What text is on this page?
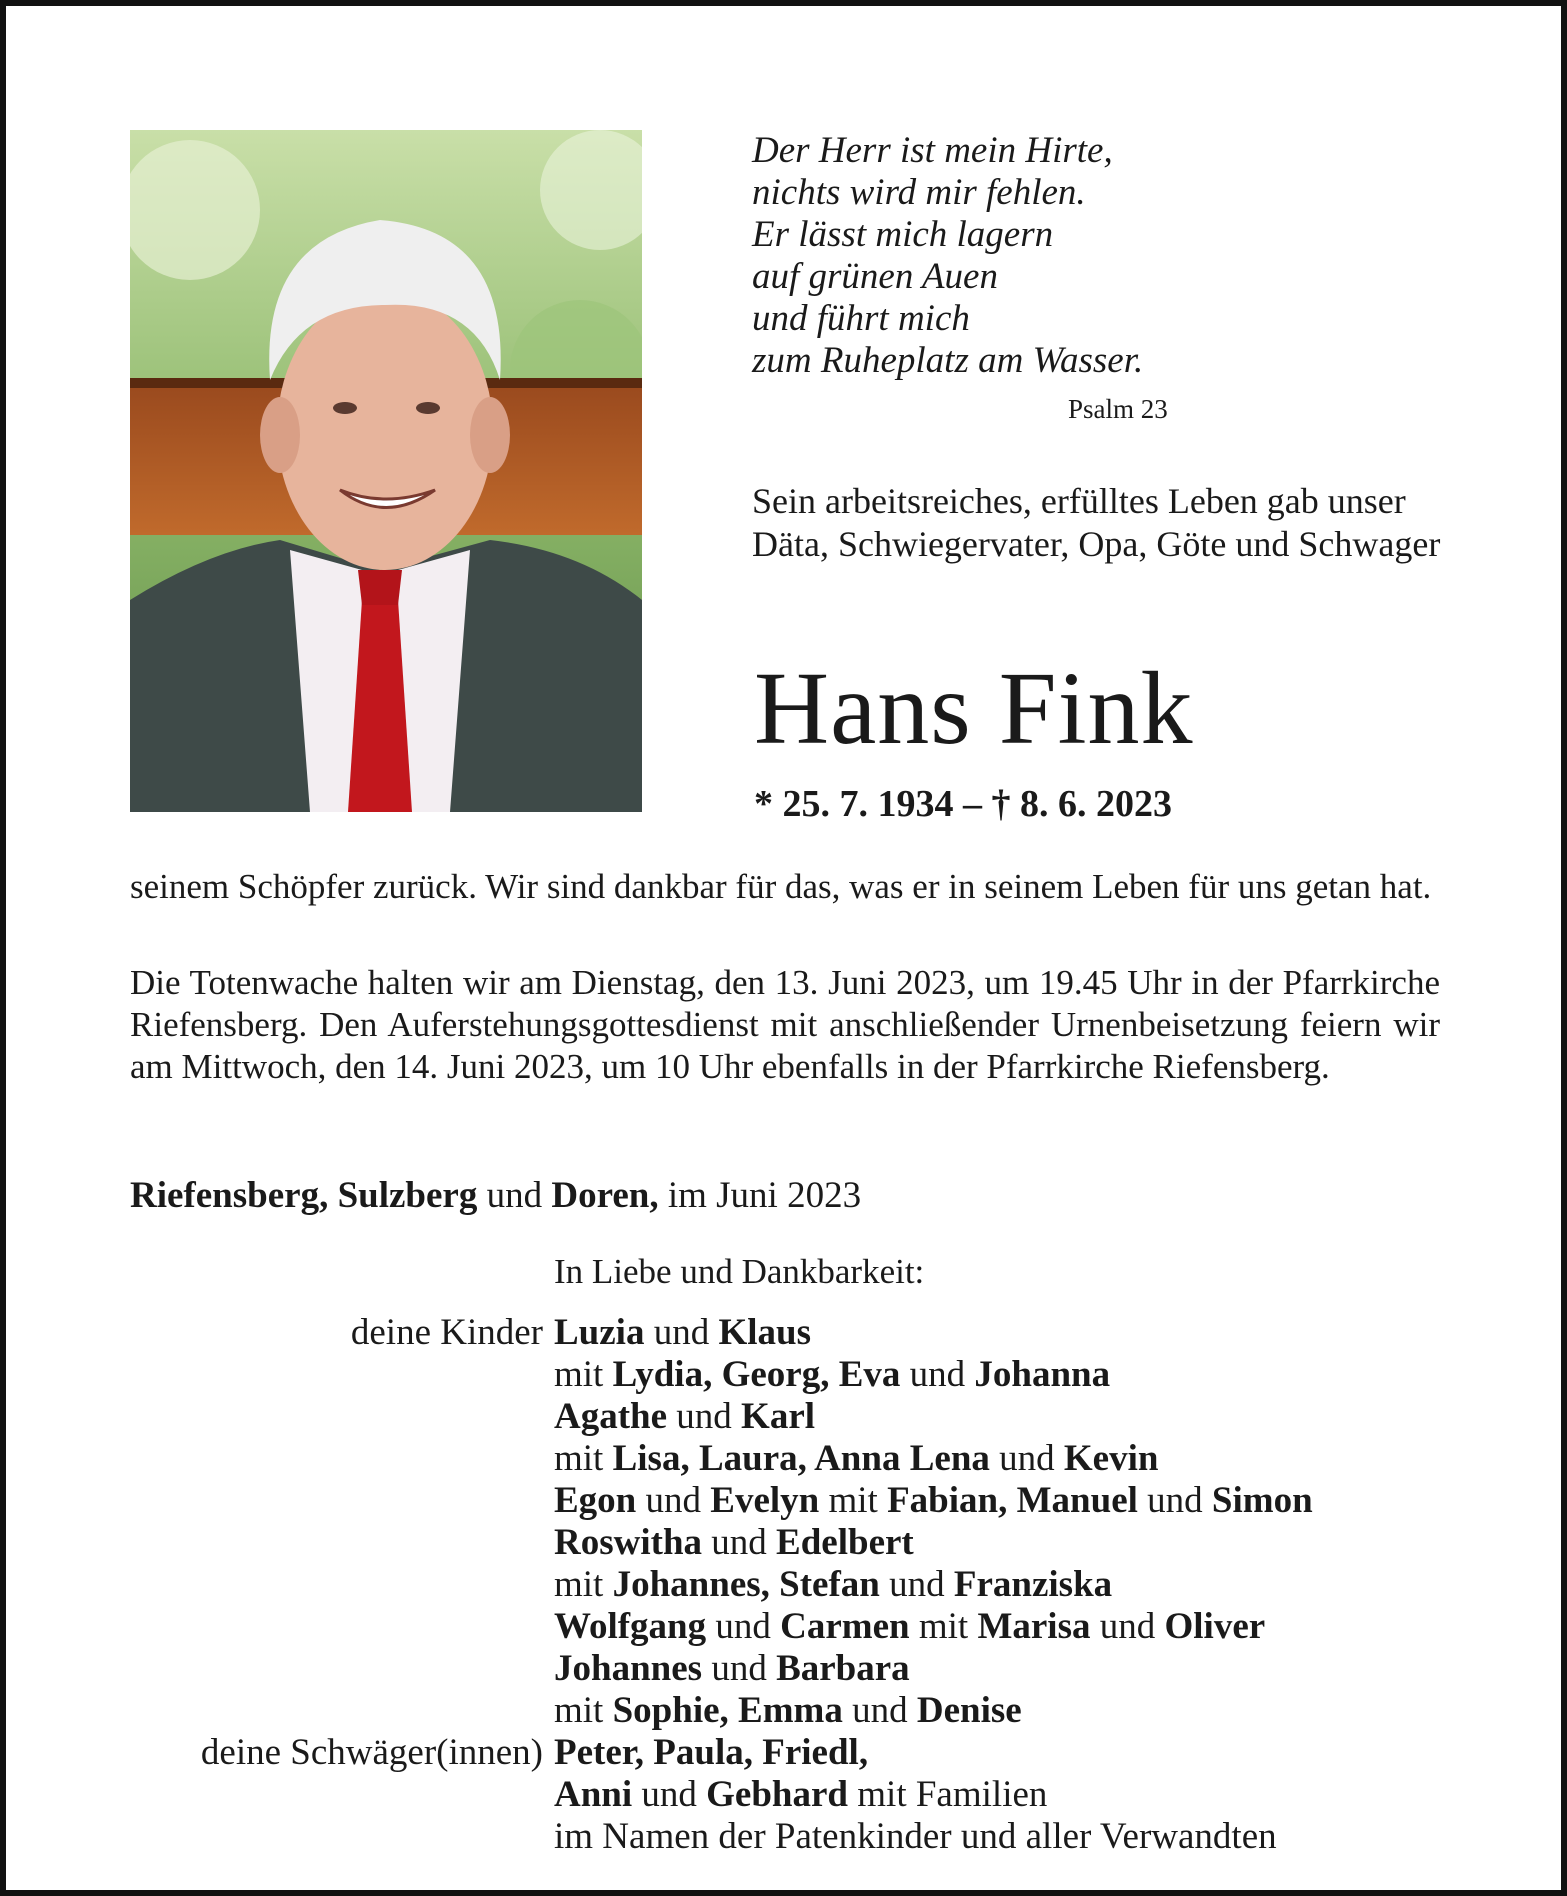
Der Herr ist mein Hirte,
nichts wird mir fehlen.
Er lässt mich lagern
auf grünen Auen
und führt mich
zum Ruheplatz am Wasser.
Psalm 23
Sein arbeitsreiches, erfülltes Leben gab unser Däta, Schwiegervater, Opa, Göte und Schwager
Hans Fink
* 25. 7. 1934 – † 8. 6. 2023
seinem Schöpfer zurück. Wir sind dankbar für das, was er in seinem Leben für uns getan hat.
Die Totenwache halten wir am Dienstag, den 13. Juni 2023, um 19.45 Uhr in der Pfarrkirche Riefensberg. Den Auferstehungsgottesdienst mit anschließender Urnenbeisetzung feiern wir am Mittwoch, den 14. Juni 2023, um 10 Uhr ebenfalls in der Pfarrkirche Riefensberg.
Riefensberg, Sulzberg und Doren, im Juni 2023
In Liebe und Dankbarkeit:
deine Kinder Luzia und Klaus
mit Lydia, Georg, Eva und Johanna
Agathe und Karl
mit Lisa, Laura, Anna Lena und Kevin
Egon und Evelyn mit Fabian, Manuel und Simon
Roswitha und Edelbert
mit Johannes, Stefan und Franziska
Wolfgang und Carmen mit Marisa und Oliver
Johannes und Barbara
mit Sophie, Emma und Denise
deine Schwäger(innen) Peter, Paula, Friedl,
Anni und Gebhard mit Familien
im Namen der Patenkinder und aller Verwandten
